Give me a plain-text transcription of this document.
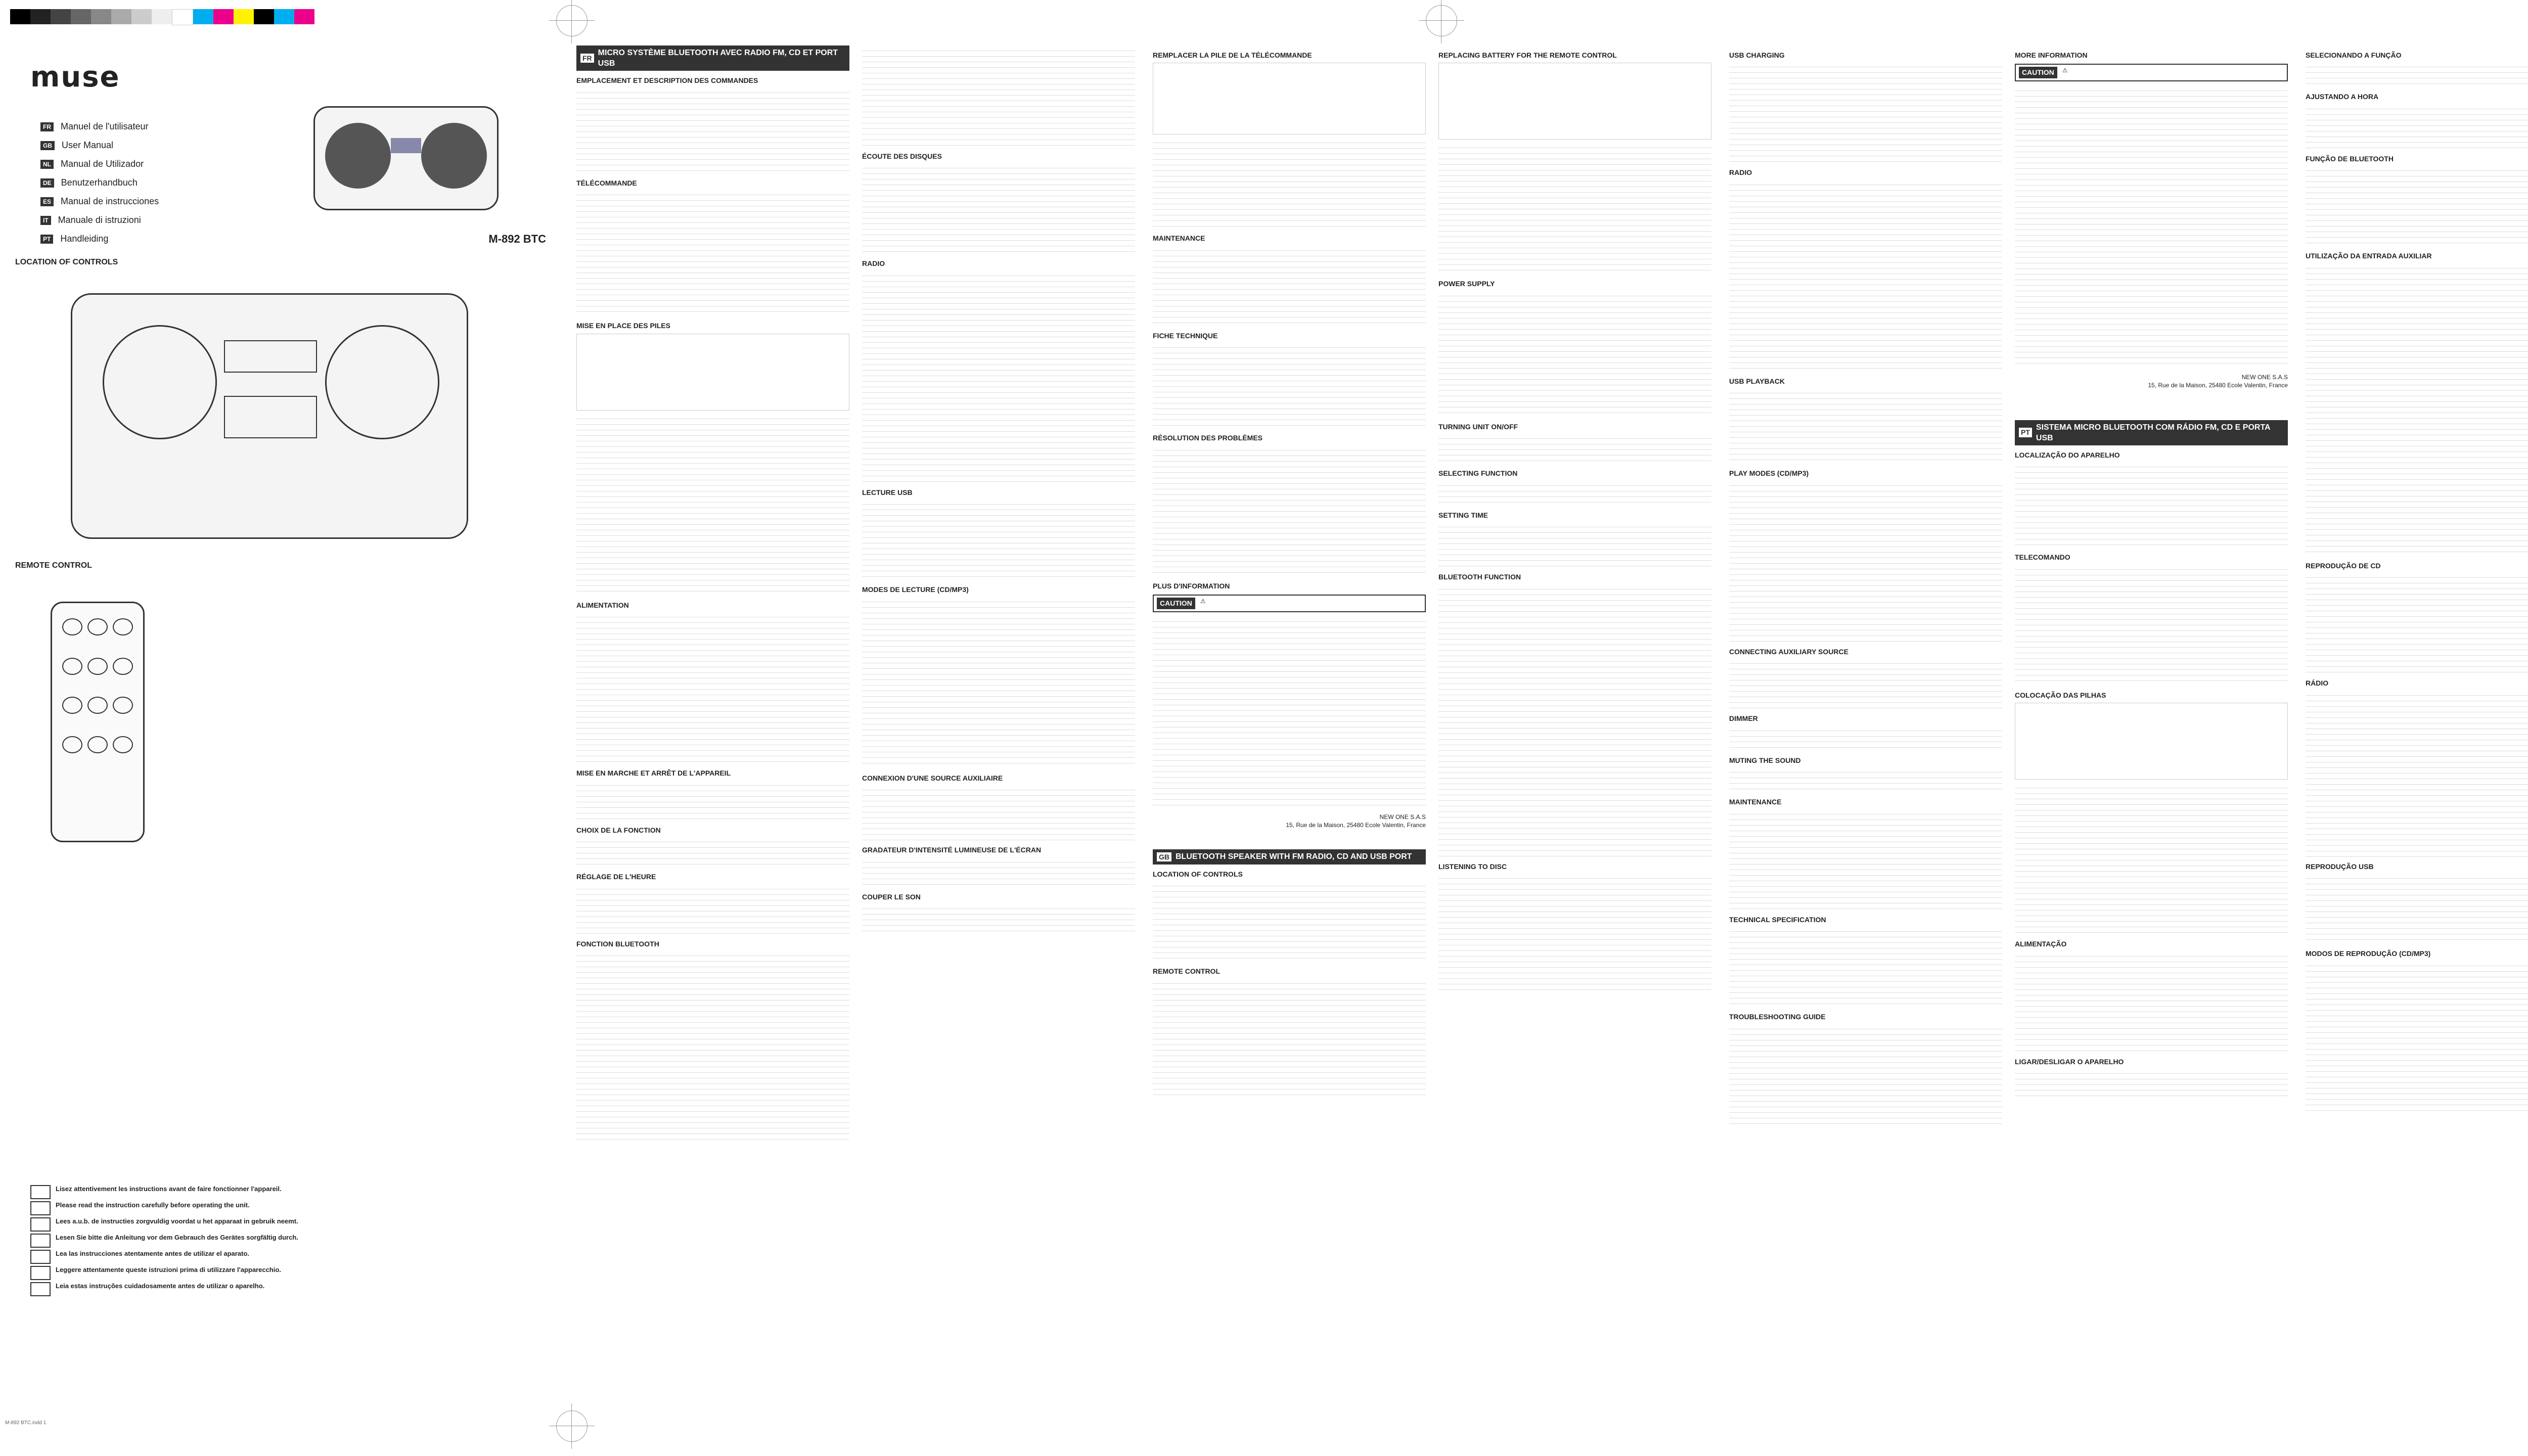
muse
FR Manuel de l'utilisateur
GB User Manual
NL Manual de Utilizador
DE Benutzerhandbuch
ES Manual de instrucciones
IT Manuale di istruzioni
PT Handleiding	M-892 BTC
LOCATION OF CONTROLS
REMOTE CONTROL
Lisez attentivement les instructions avant de faire fonctionner l'appareil.
Please read the instruction carefully before operating the unit.
Lees a.u.b. de instructies zorgvuldig voordat u het apparaat in gebruik neemt.
Lesen Sie bitte die Anleitung vor dem Gebrauch des Gerätes sorgfältig durch.
Lea las instrucciones atentamente antes de utilizar el aparato.
Leggere attentamente queste istruzioni prima di utilizzare l'apparecchio.
Leia estas instruções cuidadosamente antes de utilizar o aparelho.
M-892 BTC.indd 1
FR
MICRO SYSTÈME BLUETOOTH AVEC RADIO FM, CD ET PORT USB
EMPLACEMENT ET DESCRIPTION DES COMMANDES
TÉLÉCOMMANDE
MISE EN PLACE DES PILES
ALIMENTATION
MISE EN MARCHE ET ARRÊT DE L'APPAREIL
CHOIX DE LA FONCTION
RÉGLAGE DE L'HEURE
FONCTION BLUETOOTH
ÉCOUTE DES DISQUES
RADIO
LECTURE USB
MODES DE LECTURE (CD/MP3)
CONNEXION D'UNE SOURCE AUXILIAIRE
GRADATEUR D'INTENSITÉ LUMINEUSE DE L'ÉCRAN
COUPER LE SON
REMPLACER LA PILE DE LA TÉLÉCOMMANDE
MAINTENANCE
FICHE TECHNIQUE
RÉSOLUTION DES PROBLÈMES
PLUS D'INFORMATION
CAUTION	⚠
NEW ONE S.A.S
15, Rue de la Maison, 25480 Ecole Valentin, France
GB BLUETOOTH SPEAKER WITH FM RADIO, CD AND USB PORT
LOCATION OF CONTROLS
REMOTE CONTROL
REPLACING BATTERY FOR THE REMOTE CONTROL
POWER SUPPLY
TURNING UNIT ON/OFF
SELECTING FUNCTION
SETTING TIME
BLUETOOTH FUNCTION
LISTENING TO DISC
USB CHARGING
RADIO
USB PLAYBACK
PLAY MODES (CD/MP3)
CONNECTING AUXILIARY SOURCE
DIMMER
MUTING THE SOUND
MAINTENANCE
TECHNICAL SPECIFICATION
TROUBLESHOOTING GUIDE
MORE INFORMATION
CAUTION	⚠
NEW ONE S.A.S
15, Rue de la Maison, 25480 Ecole Valentin, France
PT
SISTEMA MICRO BLUETOOTH COM RÁDIO FM, CD E PORTA USB
LOCALIZAÇÃO DO APARELHO
TELECOMANDO
COLOCAÇÃO DAS PILHAS
ALIMENTAÇÃO
LIGAR/DESLIGAR O APARELHO
SELECIONANDO A FUNÇÃO
AJUSTANDO A HORA
FUNÇÃO DE BLUETOOTH
UTILIZAÇÃO DA ENTRADA AUXILIAR
REPRODUÇÃO DE CD
RÁDIO
REPRODUÇÃO USB
MODOS DE REPRODUÇÃO (CD/MP3)
